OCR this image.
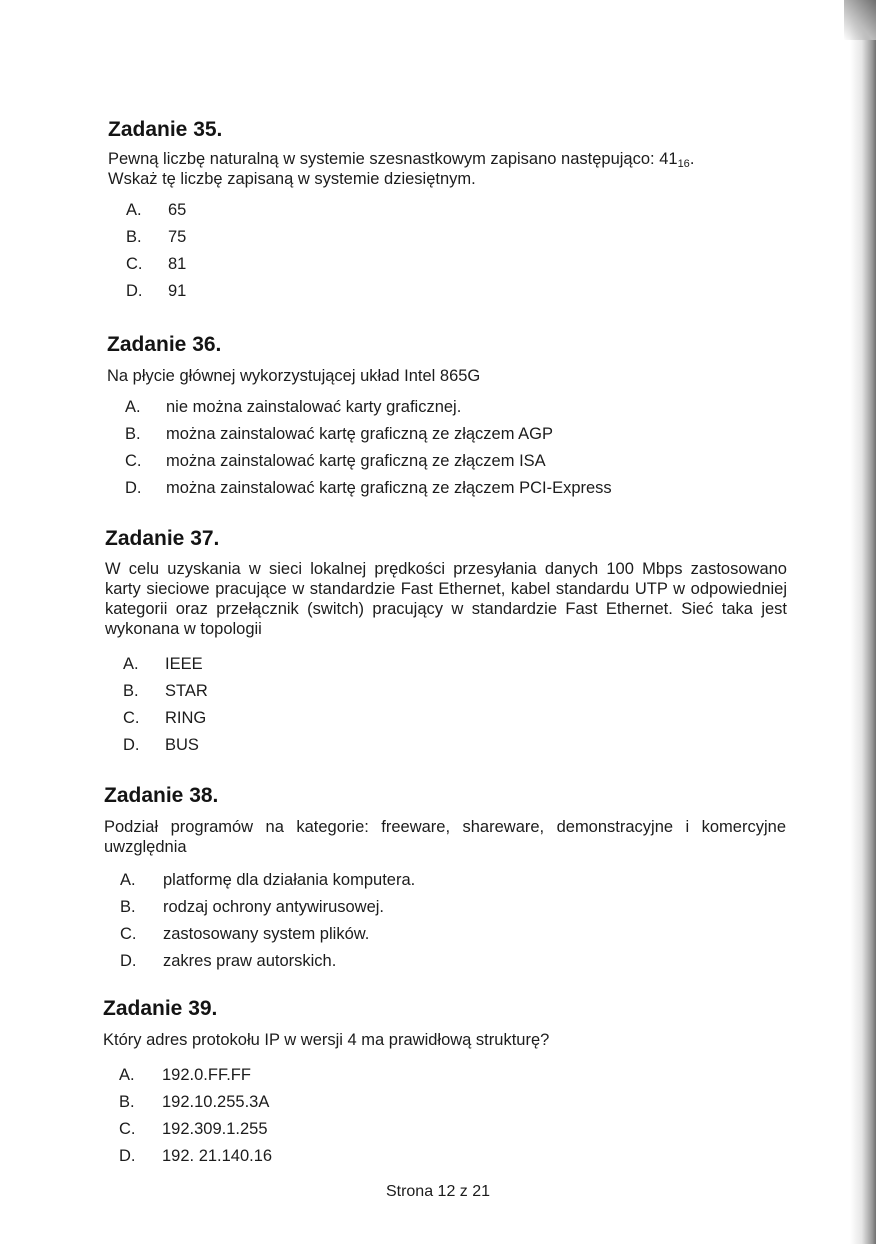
Zadanie 35.

Pewną liczbę naturalną w systemie szesnastkowym zapisano następująco: $41_{16}$.
Wskaż tę liczbę zapisaną w systemie dziesiętnym.

A.	65
B.	75
C.	81
D.	91
Zadanie 36.

Na płycie głównej wykorzystującej układ Intel 865G

A.	nie można zainstalować karty graficznej.
B.	można zainstalować kartę graficzną ze złączem AGP
C.	można zainstalować kartę graficzną ze złączem ISA
D.	można zainstalować kartę graficzną ze złączem PCI-Express
Zadanie 37.

W celu uzyskania w sieci lokalnej prędkości przesyłania danych 100 Mbps zastosowano karty sieciowe pracujące w standardzie Fast Ethernet, kabel standardu UTP w odpowiedniej kategorii oraz przełącznik (switch) pracujący w standardzie Fast Ethernet. Sieć taka jest wykonana w topologii

A.	IEEE
B.	STAR
C.	RING
D.	BUS
Zadanie 38.

Podział programów na kategorie: freeware, shareware, demonstracyjne i komercyjne uwzględnia

A.	platformę dla działania komputera.
B.	rodzaj ochrony antywirusowej.
C.	zastosowany system plików.
D.	zakres praw autorskich.
Zadanie 39.

Który adres protokołu IP w wersji 4 ma prawidłową strukturę?

A.	192.0.FF.FF
B.	192.10.255.3A
C.	192.309.1.255
D.	192. 21.140.16
Strona 12 z 21
